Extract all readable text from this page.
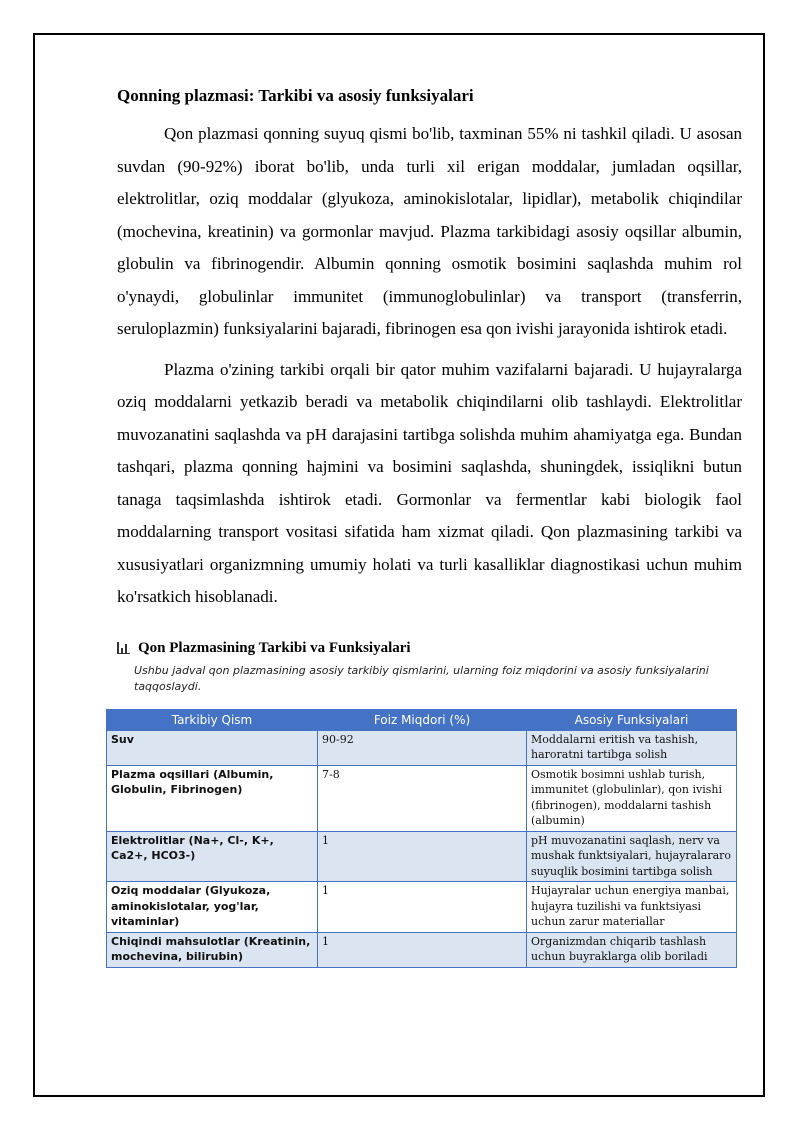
Qonning plazmasi: Tarkibi va asosiy funksiyalari

Qon plazmasi qonning suyuq qismi bo'lib, taxminan 55% ni tashkil qiladi. U asosan suvdan (90-92%) iborat bo'lib, unda turli xil erigan moddalar, jumladan oqsillar, elektrolitlar, oziq moddalar (glyukoza, aminokislotalar, lipidlar), metabolik chiqindilar (mochevina, kreatinin) va gormonlar mavjud. Plazma tarkibidagi asosiy oqsillar albumin, globulin va fibrinogendir. Albumin qonning osmotik bosimini saqlashda muhim rol o'ynaydi, globulinlar immunitet (immunoglobulinlar) va transport (transferrin, seruloplazmin) funksiyalarini bajaradi, fibrinogen esa qon ivishi jarayonida ishtirok etadi.

Plazma o'zining tarkibi orqali bir qator muhim vazifalarni bajaradi. U hujayralarga oziq moddalarni yetkazib beradi va metabolik chiqindilarni olib tashlaydi. Elektrolitlar muvozanatini saqlashda va pH darajasini tartibga solishda muhim ahamiyatga ega. Bundan tashqari, plazma qonning hajmini va bosimini saqlashda, shuningdek, issiqlikni butun tanaga taqsimlashda ishtirok etadi. Gormonlar va fermentlar kabi biologik faol moddalarning transport vositasi sifatida ham xizmat qiladi. Qon plazmasining tarkibi va xususiyatlari organizmning umumiy holati va turli kasalliklar diagnostikasi uchun muhim ko'rsatkich hisoblanadi.

Qon Plazmasining Tarkibi va Funksiyalari
Ushbu jadval qon plazmasining asosiy tarkibiy qismlarini, ularning foiz miqdorini va asosiy funksiyalarini taqqoslaydi.
Tarkibiy Qism	Foiz Miqdori (%)	Asosiy Funksiyalari
Suv	90-92	Moddalarni eritish va tashish, haroratni tartibga solish
Plazma oqsillari (Albumin, Globulin, Fibrinogen)	7-8	Osmotik bosimni ushlab turish, immunitet (globulinlar), qon ivishi (fibrinogen), moddalarni tashish (albumin)
Elektrolitlar (Na+, Cl-, K+, Ca2+, HCO3-)	1	pH muvozanatini saqlash, nerv va mushak funktsiyalari, hujayralararo suyuqlik bosimini tartibga solish
Oziq moddalar (Glyukoza, aminokislotalar, yog'lar, vitaminlar)	1	Hujayralar uchun energiya manbai, hujayra tuzilishi va funktsiyasi uchun zarur materiallar
Chiqindi mahsulotlar (Kreatinin, mochevina, bilirubin)	1	Organizmdan chiqarib tashlash uchun buyraklarga olib boriladi
